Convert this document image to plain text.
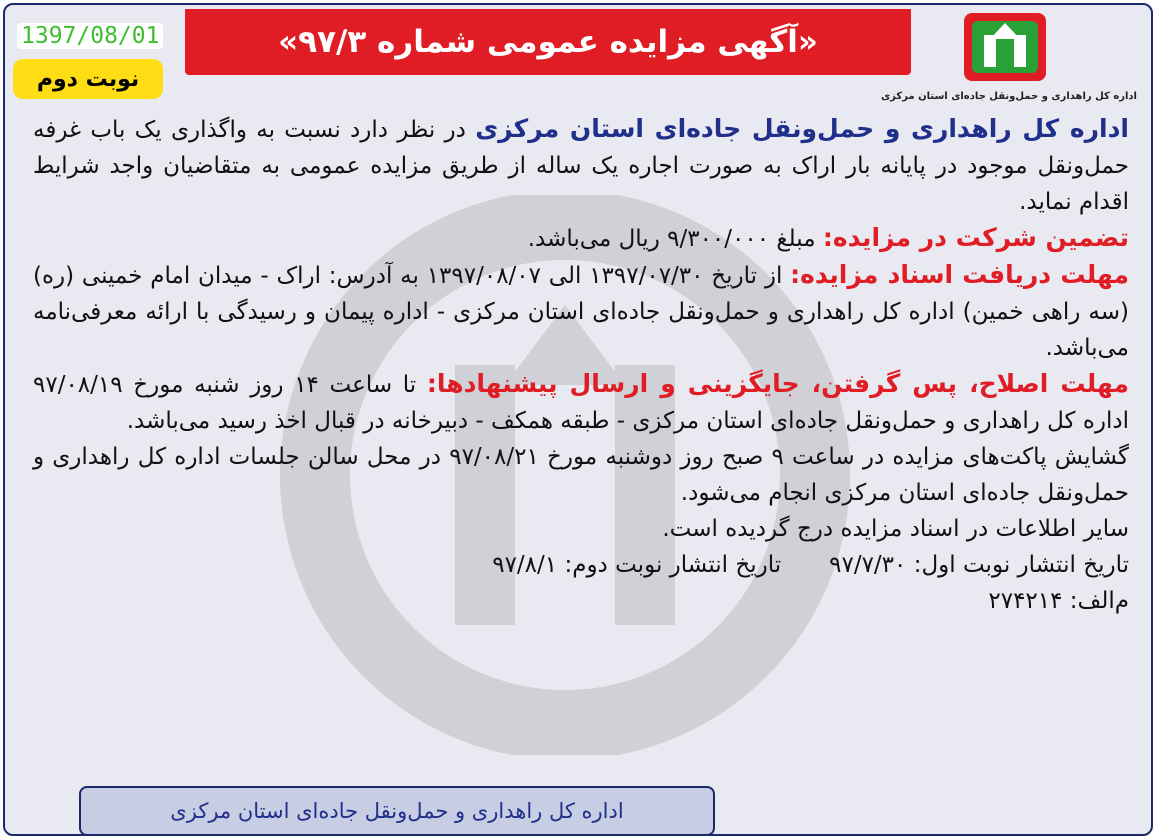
«آگهی مزایده عمومی شماره ۹۷/۳»
1397/08/01
نوبت دوم
اداره کل راهداری و حمل‌ونقل جاده‌ای استان مرکزی

اداره کل راهداری و حمل‌ونقل جاده‌ای استان مرکزی در نظر دارد نسبت به واگذاری یک باب غرفه حمل‌ونقل موجود در پایانه بار اراک به صورت اجاره یک ساله از طریق مزایده عمومی به متقاضیان واجد شرایط اقدام نماید.

تضمین شرکت در مزایده: مبلغ ۹/۳۰۰/۰۰۰ ریال می‌باشد.

مهلت دریافت اسناد مزایده: از تاریخ ۱۳۹۷/۰۷/۳۰ الی ۱۳۹۷/۰۸/۰۷ به آدرس: اراک - میدان امام خمینی (ره) (سه راهی خمین) اداره کل راهداری و حمل‌ونقل جاده‌ای استان مرکزی - اداره پیمان و رسیدگی با ارائه معرفی‌نامه می‌باشد.

مهلت اصلاح، پس گرفتن، جایگزینی و ارسال پیشنهادها: تا ساعت ۱۴ روز شنبه مورخ ۹۷/۰۸/۱۹ اداره کل راهداری و حمل‌ونقل جاده‌ای استان مرکزی - طبقه همکف - دبیرخانه در قبال اخذ رسید می‌باشد.

گشایش پاکت‌های مزایده در ساعت ۹ صبح روز دوشنبه مورخ ۹۷/۰۸/۲۱ در محل سالن جلسات اداره کل راهداری و حمل‌ونقل جاده‌ای استان مرکزی انجام می‌شود.

سایر اطلاعات در اسناد مزایده درج گردیده است.

تاریخ انتشار نوبت اول: ۹۷/۷/۳۰
تاریخ انتشار نوبت دوم: ۹۷/۸/۱

م‌الف: ۲۷۴۲۱۴

اداره کل راهداری و حمل‌ونقل جاده‌ای استان مرکزی
